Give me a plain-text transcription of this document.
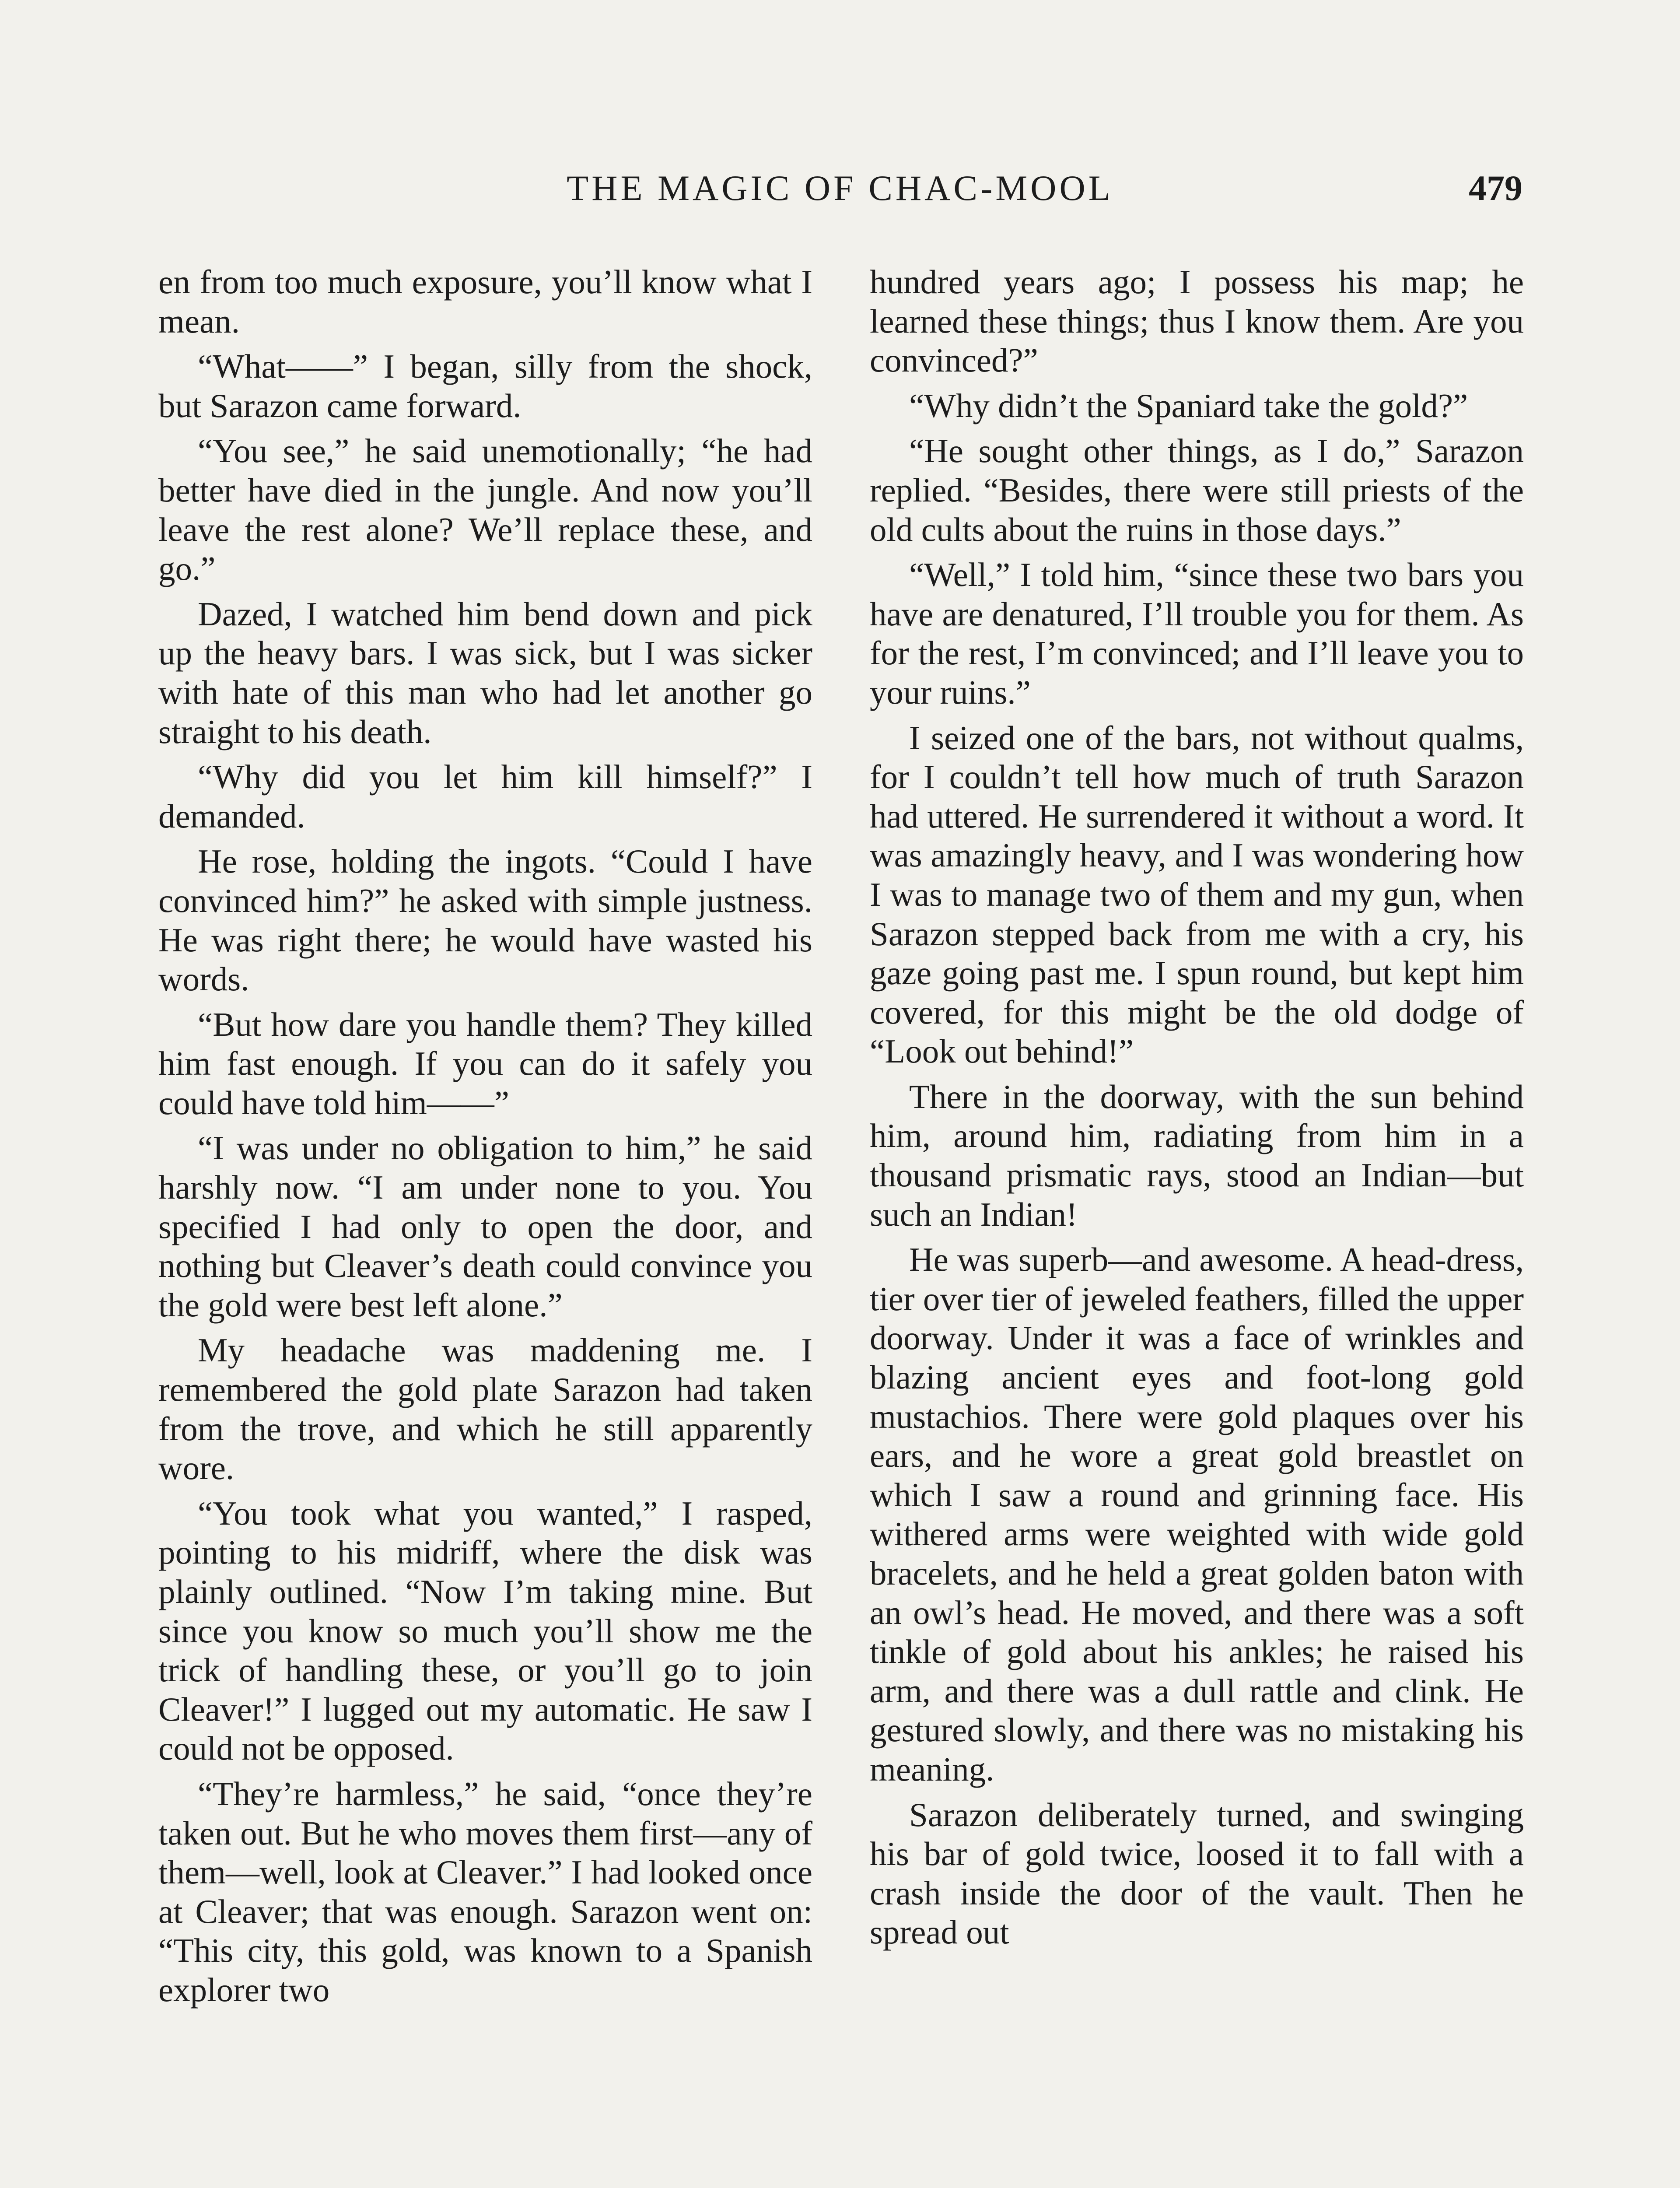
THE MAGIC OF CHAC-MOOL	479

en from too much exposure, you’ll know what I mean.

“What——” I began, silly from the shock, but Sarazon came forward.

“You see,” he said unemotionally; “he had better have died in the jungle. And now you’ll leave the rest alone? We’ll replace these, and go.”

Dazed, I watched him bend down and pick up the heavy bars. I was sick, but I was sicker with hate of this man who had let another go straight to his death.

“Why did you let him kill himself?” I demanded.

He rose, holding the ingots. “Could I have convinced him?” he asked with simple justness. He was right there; he would have wasted his words.

“But how dare you handle them? They killed him fast enough. If you can do it safely you could have told him——”

“I was under no obligation to him,” he said harshly now. “I am under none to you. You specified I had only to open the door, and nothing but Cleaver’s death could convince you the gold were best left alone.”

My headache was maddening me. I remembered the gold plate Sarazon had taken from the trove, and which he still apparently wore.

“You took what you wanted,” I rasped, pointing to his midriff, where the disk was plainly outlined. “Now I’m taking mine. But since you know so much you’ll show me the trick of handling these, or you’ll go to join Cleaver!” I lugged out my automatic. He saw I could not be opposed.

“They’re harmless,” he said, “once they’re taken out. But he who moves them first—any of them—well, look at Cleaver.” I had looked once at Cleaver; that was enough. Sarazon went on: “This city, this gold, was known to a Spanish explorer two

hundred years ago; I possess his map; he learned these things; thus I know them. Are you convinced?”

“Why didn’t the Spaniard take the gold?”

“He sought other things, as I do,” Sarazon replied. “Besides, there were still priests of the old cults about the ruins in those days.”

“Well,” I told him, “since these two bars you have are denatured, I’ll trouble you for them. As for the rest, I’m convinced; and I’ll leave you to your ruins.”

I seized one of the bars, not without qualms, for I couldn’t tell how much of truth Sarazon had uttered. He surrendered it without a word. It was amazingly heavy, and I was wondering how I was to manage two of them and my gun, when Sarazon stepped back from me with a cry, his gaze going past me. I spun round, but kept him covered, for this might be the old dodge of “Look out behind!”

There in the doorway, with the sun behind him, around him, radiating from him in a thousand prismatic rays, stood an Indian—but such an Indian!

He was superb—and awesome. A head-dress, tier over tier of jeweled feathers, filled the upper doorway. Under it was a face of wrinkles and blazing ancient eyes and foot-long gold mustachios. There were gold plaques over his ears, and he wore a great gold breastlet on which I saw a round and grinning face. His withered arms were weighted with wide gold bracelets, and he held a great golden baton with an owl’s head. He moved, and there was a soft tinkle of gold about his ankles; he raised his arm, and there was a dull rattle and clink. He gestured slowly, and there was no mistaking his meaning.

Sarazon deliberately turned, and swinging his bar of gold twice, loosed it to fall with a crash inside the door of the vault. Then he spread out
